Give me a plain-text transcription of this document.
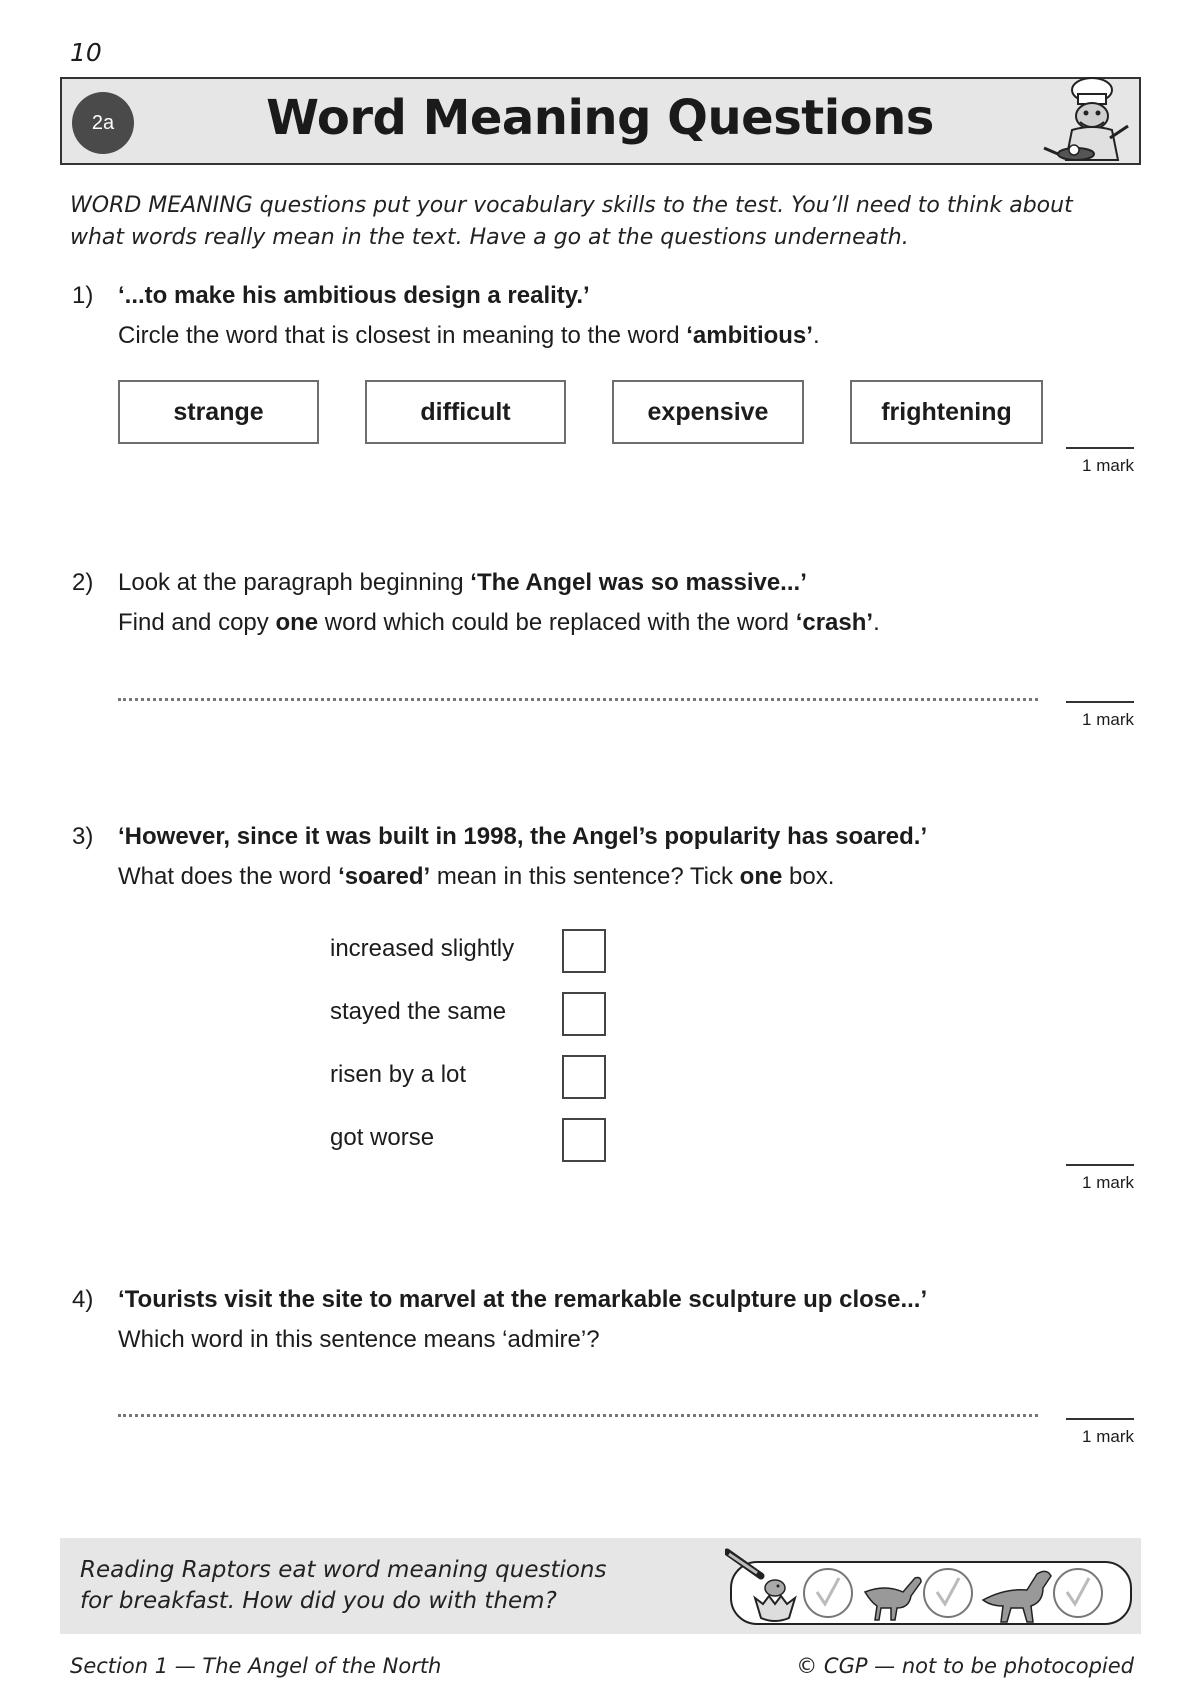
10
2a	Word Meaning Questions
WORD MEANING questions put your vocabulary skills to the test. You’ll need to think about
what words really mean in the text. Have a go at the questions underneath.
1) ‘...to make his ambitious design a reality.’
Circle the word that is closest in meaning to the word ‘ambitious’.
strange	difficult	expensive	frightening
1 mark
2) Look at the paragraph beginning ‘The Angel was so massive...’
Find and copy one word which could be replaced with the word ‘crash’.
1 mark
3) ‘However, since it was built in 1998, the Angel’s popularity has soared.’
What does the word ‘soared’ mean in this sentence? Tick one box.
increased slightly
stayed the same
risen by a lot
got worse
1 mark
4) ‘Tourists visit the site to marvel at the remarkable sculpture up close...’
Which word in this sentence means ‘admire’?
1 mark
Reading Raptors eat word meaning questions
for breakfast. How did you do with them?
Section 1 — The Angel of the North	© CGP — not to be photocopied
